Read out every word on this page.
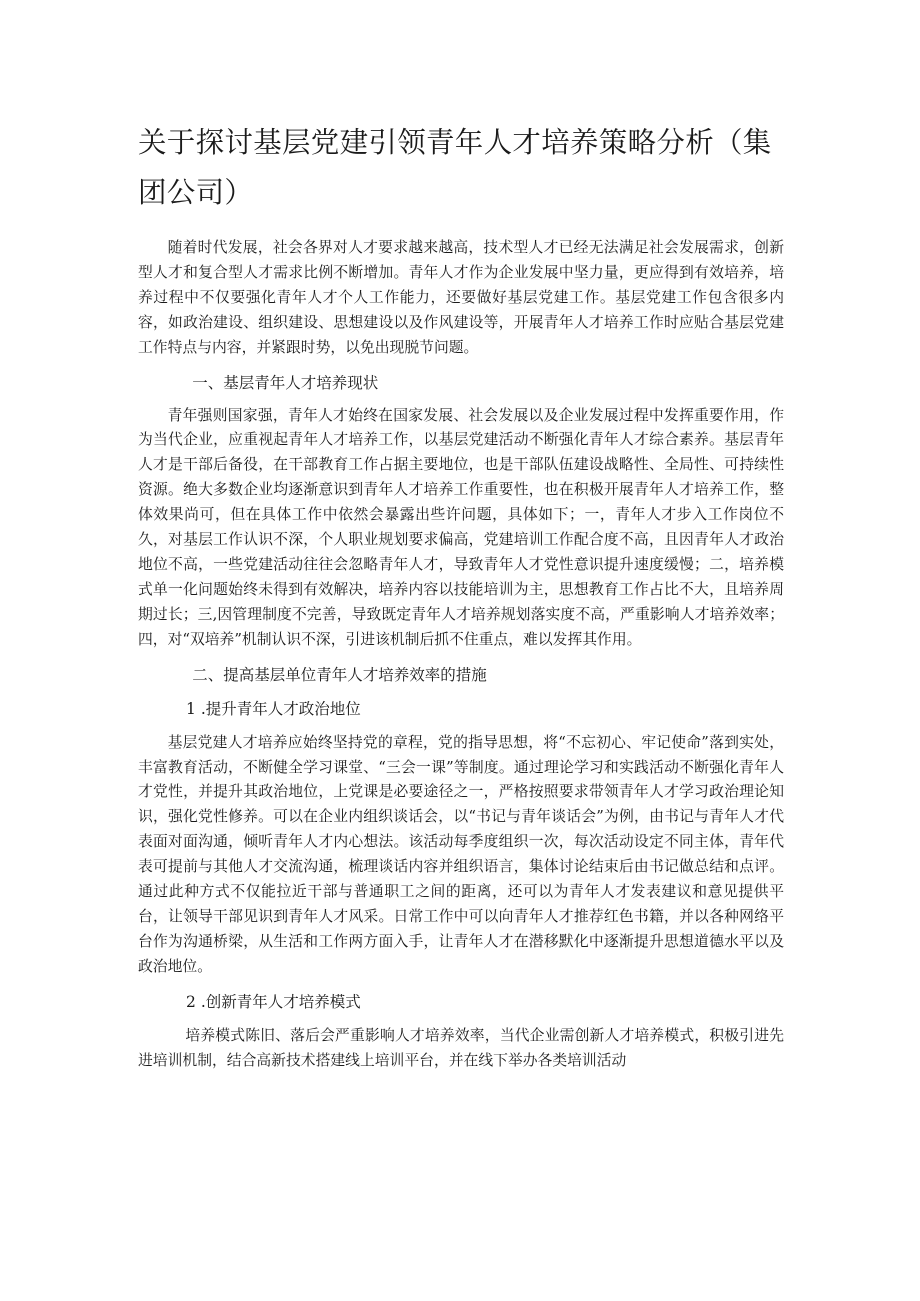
关于探讨基层党建引领青年人才培养策略分析（集团公司）

随着时代发展，社会各界对人才要求越来越高，技术型人才已经无法满足社会发展需求，创新型人才和复合型人才需求比例不断增加。青年人才作为企业发展中坚力量，更应得到有效培养，培养过程中不仅要强化青年人才个人工作能力，还要做好基层党建工作。基层党建工作包含很多内容，如政治建设、组织建设、思想建设以及作风建设等，开展青年人才培养工作时应贴合基层党建工作特点与内容，并紧跟时势，以免出现脱节问题。

一、基层青年人才培养现状

青年强则国家强，青年人才始终在国家发展、社会发展以及企业发展过程中发挥重要作用，作为当代企业，应重视起青年人才培养工作，以基层党建活动不断强化青年人才综合素养。基层青年人才是干部后备役，在干部教育工作占据主要地位，也是干部队伍建设战略性、全局性、可持续性资源。绝大多数企业均逐渐意识到青年人才培养工作重要性，也在积极开展青年人才培养工作，整体效果尚可，但在具体工作中依然会暴露出些许问题，具体如下；一，青年人才步入工作岗位不久，对基层工作认识不深，个人职业规划要求偏高，党建培训工作配合度不高，且因青年人才政治地位不高，一些党建活动往往会忽略青年人才，导致青年人才党性意识提升速度缓慢；二，培养模式单一化问题始终未得到有效解决，培养内容以技能培训为主，思想教育工作占比不大，且培养周期过长；三,因管理制度不完善，导致既定青年人才培养规划落实度不高，严重影响人才培养效率；四，对“双培养”机制认识不深，引进该机制后抓不住重点，难以发挥其作用。

二、提高基层单位青年人才培养效率的措施
1 .提升青年人才政治地位

基层党建人才培养应始终坚持党的章程，党的指导思想，将“不忘初心、牢记使命”落到实处，丰富教育活动，不断健全学习课堂、“三会一课”等制度。通过理论学习和实践活动不断强化青年人才党性，并提升其政治地位，上党课是必要途径之一，严格按照要求带领青年人才学习政治理论知识，强化党性修养。可以在企业内组织谈话会，以“书记与青年谈话会”为例，由书记与青年人才代表面对面沟通，倾听青年人才内心想法。该活动每季度组织一次，每次活动设定不同主体，青年代表可提前与其他人才交流沟通，梳理谈话内容并组织语言，集体讨论结束后由书记做总结和点评。通过此种方式不仅能拉近干部与普通职工之间的距离，还可以为青年人才发表建议和意见提供平台，让领导干部见识到青年人才风采。日常工作中可以向青年人才推荐红色书籍，并以各种网络平台作为沟通桥梁，从生活和工作两方面入手，让青年人才在潜移默化中逐渐提升思想道德水平以及政治地位。

2 .创新青年人才培养模式

培养模式陈旧、落后会严重影响人才培养效率，当代企业需创新人才培养模式，积极引进先进培训机制，结合高新技术搭建线上培训平台，并在线下举办各类培训活动
